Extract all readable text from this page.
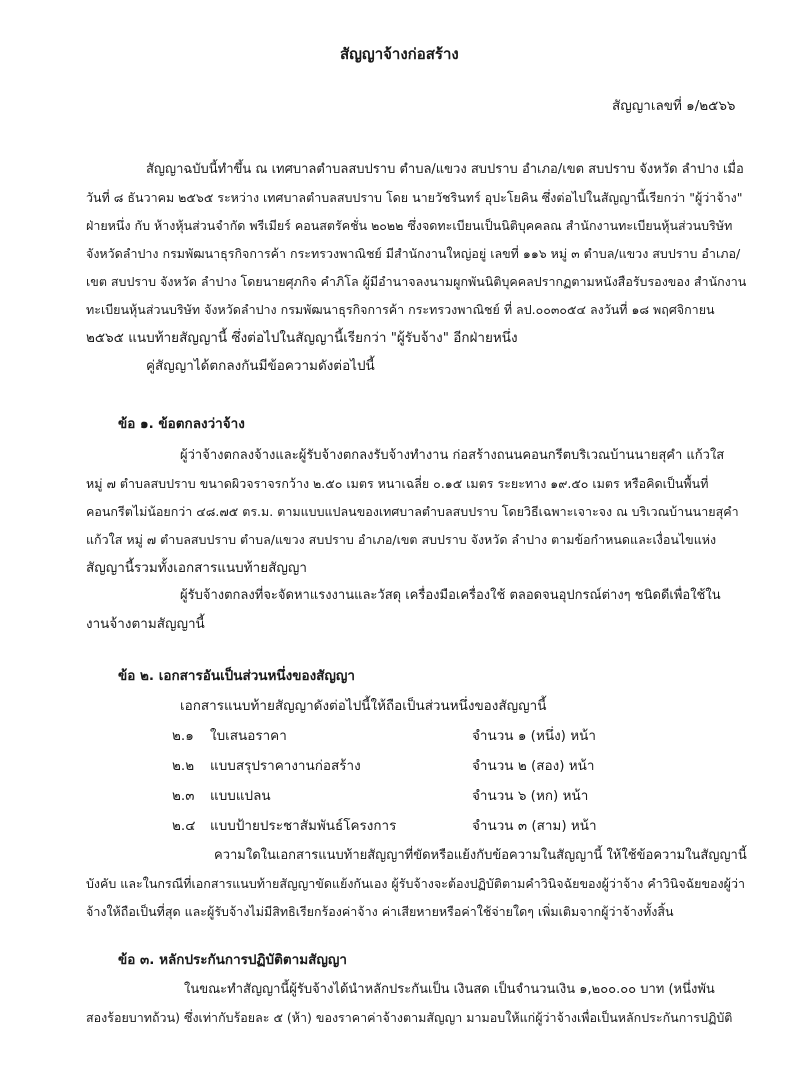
สัญญาจ้างก่อสร้าง
สัญญาเลขที่ ๑/๒๕๖๖
สัญญาฉบับนี้ทำขึ้น ณ เทศบาลตำบลสบปราบ ตำบล/แขวง สบปราบ อำเภอ/เขต สบปราบ จังหวัด ลำปาง เมื่อ
วันที่ ๘ ธันวาคม ๒๕๖๕ ระหว่าง เทศบาลตำบลสบปราบ โดย นายวัชรินทร์ อุปะโยคิน ซึ่งต่อไปในสัญญานี้เรียกว่า "ผู้ว่าจ้าง"
ฝ่ายหนึ่ง กับ ห้างหุ้นส่วนจำกัด พรีเมียร์ คอนสตรัคชั่น ๒๐๒๒ ซึ่งจดทะเบียนเป็นนิติบุคคลณ สำนักงานทะเบียนหุ้นส่วนบริษัท
จังหวัดลำปาง กรมพัฒนาธุรกิจการค้า กระทรวงพาณิชย์ มีสำนักงานใหญ่อยู่ เลขที่ ๑๑๖ หมู่ ๓ ตำบล/แขวง สบปราบ อำเภอ/
เขต สบปราบ จังหวัด ลำปาง โดยนายศุภกิจ คำภิโล ผู้มีอำนาจลงนามผูกพันนิติบุคคลปรากฏตามหนังสือรับรองของ สำนักงาน
ทะเบียนหุ้นส่วนบริษัท จังหวัดลำปาง กรมพัฒนาธุรกิจการค้า กระทรวงพาณิชย์ ที่ ลป.๐๐๓๐๕๔ ลงวันที่ ๑๘ พฤศจิกายน
๒๕๖๕ แนบท้ายสัญญานี้ ซึ่งต่อไปในสัญญานี้เรียกว่า "ผู้รับจ้าง" อีกฝ่ายหนึ่ง
คู่สัญญาได้ตกลงกันมีข้อความดังต่อไปนี้
ข้อ ๑. ข้อตกลงว่าจ้าง
ผู้ว่าจ้างตกลงจ้างและผู้รับจ้างตกลงรับจ้างทำงาน ก่อสร้างถนนคอนกรีตบริเวณบ้านนายสุคำ แก้วใส
หมู่ ๗ ตำบลสบปราบ ขนาดผิวจราจรกว้าง ๒.๕๐ เมตร หนาเฉลี่ย ๐.๑๕ เมตร ระยะทาง ๑๙.๕๐ เมตร หรือคิดเป็นพื้นที่
คอนกรีตไม่น้อยกว่า ๔๘.๗๕ ตร.ม. ตามแบบแปลนของเทศบาลตำบลสบปราบ โดยวิธีเฉพาะเจาะจง ณ บริเวณบ้านนายสุคำ
แก้วใส หมู่ ๗ ตำบลสบปราบ ตำบล/แขวง สบปราบ อำเภอ/เขต สบปราบ จังหวัด ลำปาง ตามข้อกำหนดและเงื่อนไขแห่ง
สัญญานี้รวมทั้งเอกสารแนบท้ายสัญญา
ผู้รับจ้างตกลงที่จะจัดหาแรงงานและวัสดุ เครื่องมือเครื่องใช้ ตลอดจนอุปกรณ์ต่างๆ ชนิดดีเพื่อใช้ใน
งานจ้างตามสัญญานี้
ข้อ ๒. เอกสารอันเป็นส่วนหนึ่งของสัญญา
เอกสารแนบท้ายสัญญาดังต่อไปนี้ให้ถือเป็นส่วนหนึ่งของสัญญานี้
๒.๑ ใบเสนอราคา	จำนวน ๑ (หนึ่ง) หน้า
๒.๒ แบบสรุปราคางานก่อสร้าง	จำนวน ๒ (สอง) หน้า
๒.๓ แบบแปลน	จำนวน ๖ (หก) หน้า
๒.๔ แบบป้ายประชาสัมพันธ์โครงการ	จำนวน ๓ (สาม) หน้า
ความใดในเอกสารแนบท้ายสัญญาที่ขัดหรือแย้งกับข้อความในสัญญานี้ ให้ใช้ข้อความในสัญญานี้
บังคับ และในกรณีที่เอกสารแนบท้ายสัญญาขัดแย้งกันเอง ผู้รับจ้างจะต้องปฏิบัติตามคำวินิจฉัยของผู้ว่าจ้าง คำวินิจฉัยของผู้ว่า
จ้างให้ถือเป็นที่สุด และผู้รับจ้างไม่มีสิทธิเรียกร้องค่าจ้าง ค่าเสียหายหรือค่าใช้จ่ายใดๆ เพิ่มเติมจากผู้ว่าจ้างทั้งสิ้น
ข้อ ๓. หลักประกันการปฏิบัติตามสัญญา
ในขณะทำสัญญานี้ผู้รับจ้างได้นำหลักประกันเป็น เงินสด เป็นจำนวนเงิน ๑,๒๐๐.๐๐ บาท (หนึ่งพัน
สองร้อยบาทถ้วน) ซึ่งเท่ากับร้อยละ ๕ (ห้า) ของราคาค่าจ้างตามสัญญา มามอบให้แก่ผู้ว่าจ้างเพื่อเป็นหลักประกันการปฏิบัติ
